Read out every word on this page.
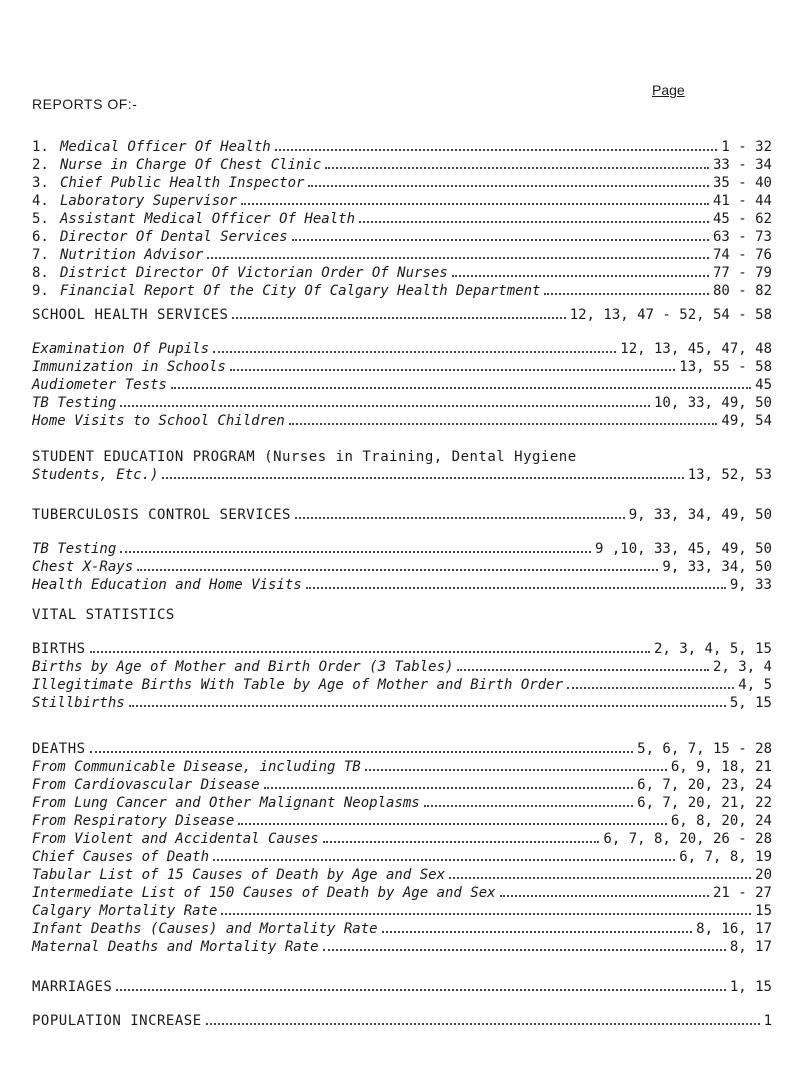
Page
REPORTS OF:-
1. Medical Officer Of Health	1 - 32
2. Nurse in Charge Of Chest Clinic	33 - 34
3. Chief Public Health Inspector	35 - 40
4. Laboratory Supervisor	41 - 44
5. Assistant Medical Officer Of Health	45 - 62
6. Director Of Dental Services	63 - 73
7. Nutrition Advisor	74 - 76
8. District Director Of Victorian Order Of Nurses	77 - 79
9. Financial Report Of the City Of Calgary Health Department	80 - 82
SCHOOL HEALTH SERVICES	12, 13, 47 - 52, 54 - 58
Examination Of Pupils	12, 13, 45, 47, 48
Immunization in Schools	13, 55 - 58
Audiometer Tests	45
TB Testing	10, 33, 49, 50
Home Visits to School Children	49, 54
STUDENT EDUCATION PROGRAM (Nurses in Training, Dental Hygiene
Students, Etc.)	13, 52, 53
TUBERCULOSIS CONTROL SERVICES	9, 33, 34, 49, 50
TB Testing	9 ,10, 33, 45, 49, 50
Chest X-Rays	9, 33, 34, 50
Health Education and Home Visits	9, 33
VITAL STATISTICS
BIRTHS	2, 3, 4, 5, 15
Births by Age of Mother and Birth Order (3 Tables)	2, 3, 4
Illegitimate Births With Table by Age of Mother and Birth Order	4, 5
Stillbirths	5, 15
DEATHS	5, 6, 7, 15 - 28
From Communicable Disease, including TB	6, 9, 18, 21
From Cardiovascular Disease	6, 7, 20, 23, 24
From Lung Cancer and Other Malignant Neoplasms	6, 7, 20, 21, 22
From Respiratory Disease	6, 8, 20, 24
From Violent and Accidental Causes	6, 7, 8, 20, 26 - 28
Chief Causes of Death	6, 7, 8, 19
Tabular List of 15 Causes of Death by Age and Sex	20
Intermediate List of 150 Causes of Death by Age and Sex	21 - 27
Calgary Mortality Rate	15
Infant Deaths (Causes) and Mortality Rate	8, 16, 17
Maternal Deaths and Mortality Rate	8, 17
MARRIAGES	1, 15
POPULATION INCREASE	1
